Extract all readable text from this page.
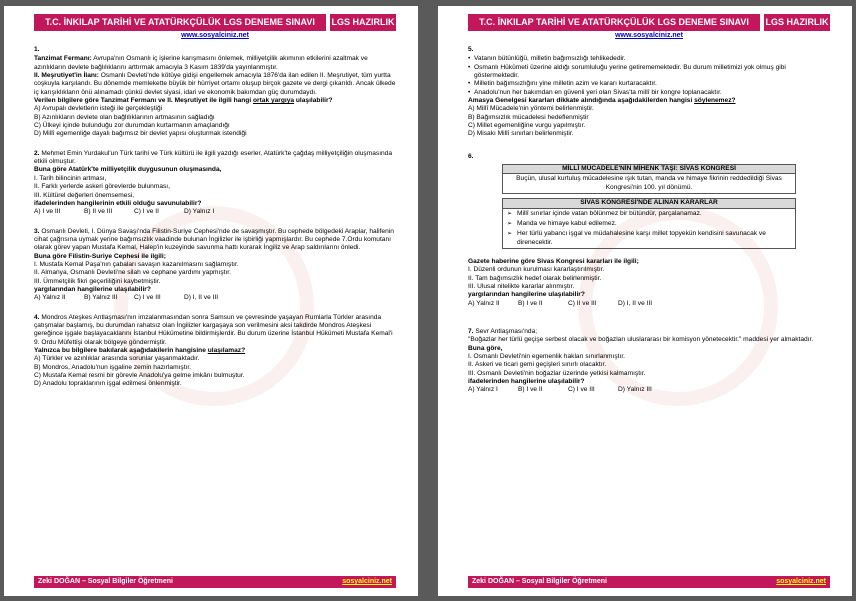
T.C. İNKILAP TARİHİ VE ATATÜRKÇÜLÜK LGS DENEME SINAVI	LGS HAZIRLIK
www.sosyalciniz.net
1.
Tanzimat Fermanı: Avrupa'nın Osmanlı iç işlerine karışmasını önlemek, milliyetçilik akımının etkilerini azaltmak ve azınlıkların devlete bağlılıklarını arttırmak amacıyla 3 Kasım 1839'da yayınlanmıştır.
II. Meşrutiyet'in İlanı: Osmanlı Devleti'nde kötüye gidişi engellemek amacıyla 1876'da ilan edilen II. Meşrutiyet, tüm yurtta coşkuyla karşılandı. Bu dönemde memlekette büyük bir hürriyet ortamı oluşup birçok gazete ve dergi çıkarıldı. Ancak ülkede iç karışıklıkların önü alınamadı çünkü devlet siyasi, idari ve ekonomik bakımdan güç durumdaydı.
Verilen bilgilere göre Tanzimat Fermanı ve II. Meşrutiyet ile ilgili hangi ortak yargıya ulaşılabilir?
A) Avrupalı devletlerin isteği ile gerçekleştiği
B) Azınlıkların devlete olan bağlılıklarının artmasının sağladığı
C) Ülkeyi içinde bulunduğu zor durumdan kurtarmanın amaçlandığı
D) Millî egemenliğe dayalı bağımsız bir devlet yapısı oluşturmak istendiği
2. Mehmet Emin Yurdakul'un Türk tarihi ve Türk kültürü ile ilgili yazdığı eserler, Atatürk'te çağdaş milliyetçiliğin oluşmasında etkili olmuştur.
Buna göre Atatürk'te milliyetçilik duygusunun oluşmasında,
I. Tarih bilincinin artması,
II. Farklı yerlerde askeri görevlerde bulunması,
III. Kültürel değerleri önemsemesi,
ifadelerinden hangilerinin etkili olduğu savunulabilir?
A) I ve III	B) II ve III	C) I ve II	D) Yalnız I
3. Osmanlı Devleti, I. Dünya Savaşı'nda Filistin-Suriye Cephesi'nde de savaşmıştır. Bu cephede bölgedeki Araplar, halifenin cihat çağrısına uymak yerine bağımsızlık vaadinde bulunan İngilizler ile işbirliği yapmışlardır. Bu cephede 7.Ordu komutanı olarak görev yapan Mustafa Kemal, Halep'in kuzeyinde savunma hattı kurarak İngiliz ve Arap saldırılarını önledi.
Buna göre Filistin-Suriye Cephesi ile ilgili;
I. Mustafa Kemal Paşa'nın çabaları savaşın kazanılmasını sağlamıştır.
II. Almanya, Osmanlı Devleti'ne silah ve cephane yardımı yapmıştır.
III. Ümmetçilik fikri geçerliliğini kaybetmiştir.
yargılarından hangilerine ulaşılabilir?
A) Yalnız II	B) Yalnız III	C) I ve III	D) I, II ve III
4. Mondros Ateşkes Antlaşması'nın imzalanmasından sonra Samsun ve çevresinde yaşayan Rumlarla Türkler arasında çatışmalar başlamış, bu durumdan rahatsız olan İngilizler kargaşaya son verilmesini aksi takdirde Mondros Ateşkesi gereğince işgale başlayacaklarını İstanbul Hükümetine bildirmişlerdir. Bu durum üzerine İstanbul Hükümeti Mustafa Kemal'i 9. Ordu Müfettişi olarak bölgeye göndermiştir.
Yalnızca bu bilgilere bakılarak aşağıdakilerin hangisine ulaşılamaz?
A) Türkler ve azınlıklar arasında sorunlar yaşanmaktadır.
B) Mondros, Anadolu'nun işgaline zemin hazırlamıştır.
C) Mustafa Kemal resmi bir görevle Anadolu'ya gelme imkânı bulmuştur.
D) Anadolu topraklarının işgal edilmesi önlenmiştir.
Zeki DOĞAN – Sosyal Bilgiler Öğretmeni	sosyalciniz.net
T.C. İNKILAP TARİHİ VE ATATÜRKÇÜLÜK LGS DENEME SINAVI	LGS HAZIRLIK
www.sosyalciniz.net
5.
• Vatanın bütünlüğü, milletin bağımsızlığı tehlikededir.
• Osmanlı Hükûmeti üzerine aldığı sorumluluğu yerine getirememektedir. Bu durum milletimizi yok olmuş gibi göstermektedir.
• Milletin bağımsızlığını yine milletin azim ve kararı kurtaracaktır.
• Anadolu'nun her bakımdan en güvenli yeri olan Sivas'ta millî bir kongre toplanacaktır.
Amasya Genelgesi kararları dikkate alındığında aşağıdakilerden hangisi söylenemez?
A) Millî Mücadele'nin yöntemi belirlenmiştir.
B) Bağımsızlık mücadelesi hedeflenmiştir
C) Millet egemenliğine vurgu yapılmıştır.
D) Misakı Millî sınırları belirlenmiştir.
6.
MİLLÎ MÜCADELE'NİN MİHENK TAŞI: SİVAS KONGRESİ
Buçün, ulusal kurtuluş mücadelesine ışık tutan, manda ve himaye fikrinin reddedildiği Sivas Kongresi'nin 100. yıl dönümü.
SİVAS KONGRESİ'NDE ALINAN KARARLAR
➢ Millî sınırlar içinde vatan bölünmez bir bütündür, parçalanamaz.
➢ Manda ve himaye kabul edilemez.
➢ Her türlü yabancı işgal ve müdahalesine karşı millet topyekün kendisini savunacak ve direnecektir.
Gazete haberine göre Sivas Kongresi kararları ile ilgili;
I. Düzenli ordunun kurulması kararlaştırılmıştır.
II. Tam bağımsızlık hedef olarak belirlenmiştir.
III. Ulusal nitelikte kararlar alınmıştır.
yargılarından hangilerine ulaşılabilir?
A) Yalnız II	B) I ve II	C) II ve III	D) I, II ve III
7. Sevr Antlaşması'nda;
"Boğazlar her türlü geçişe serbest olacak ve boğazları uluslararası bir komisyon yönetecektir." maddesi yer almaktadır.
Buna göre,
I. Osmanlı Devleti'nin egemenlik hakları sınırlanmıştır.
II. Askeri ve ticari gemi geçişleri sınırlı olacaktır.
III. Osmanlı Devleti'nin boğazlar üzerinde yetkisi kalmamıştır.
ifadelerinden hangilerine ulaşılabilir?
A) Yalnız I	B) I ve II	C) I ve III	D) Yalnız III
Zeki DOĞAN – Sosyal Bilgiler Öğretmeni	sosyalciniz.net
